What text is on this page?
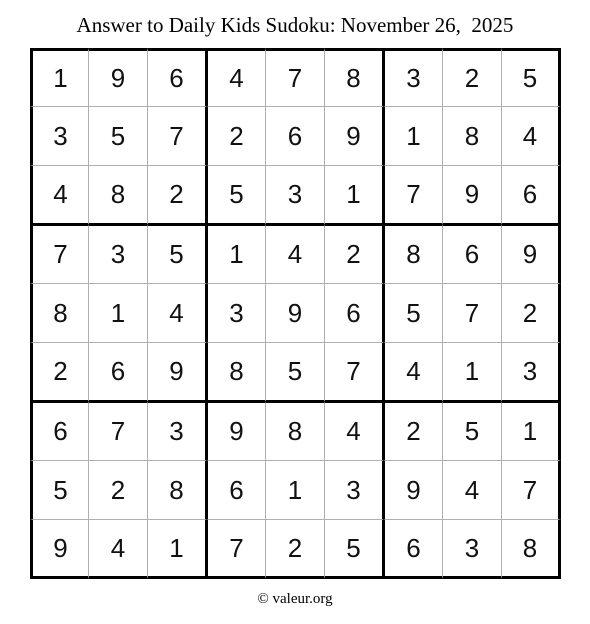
Answer to Daily Kids Sudoku: November 26,  2025
1	9	6	4	7	8	3	2	5
3	5	7	2	6	9	1	8	4
4	8	2	5	3	1	7	9	6
7	3	5	1	4	2	8	6	9
8	1	4	3	9	6	5	7	2
2	6	9	8	5	7	4	1	3
6	7	3	9	8	4	2	5	1
5	2	8	6	1	3	9	4	7
9	4	1	7	2	5	6	3	8
© valeur.org
